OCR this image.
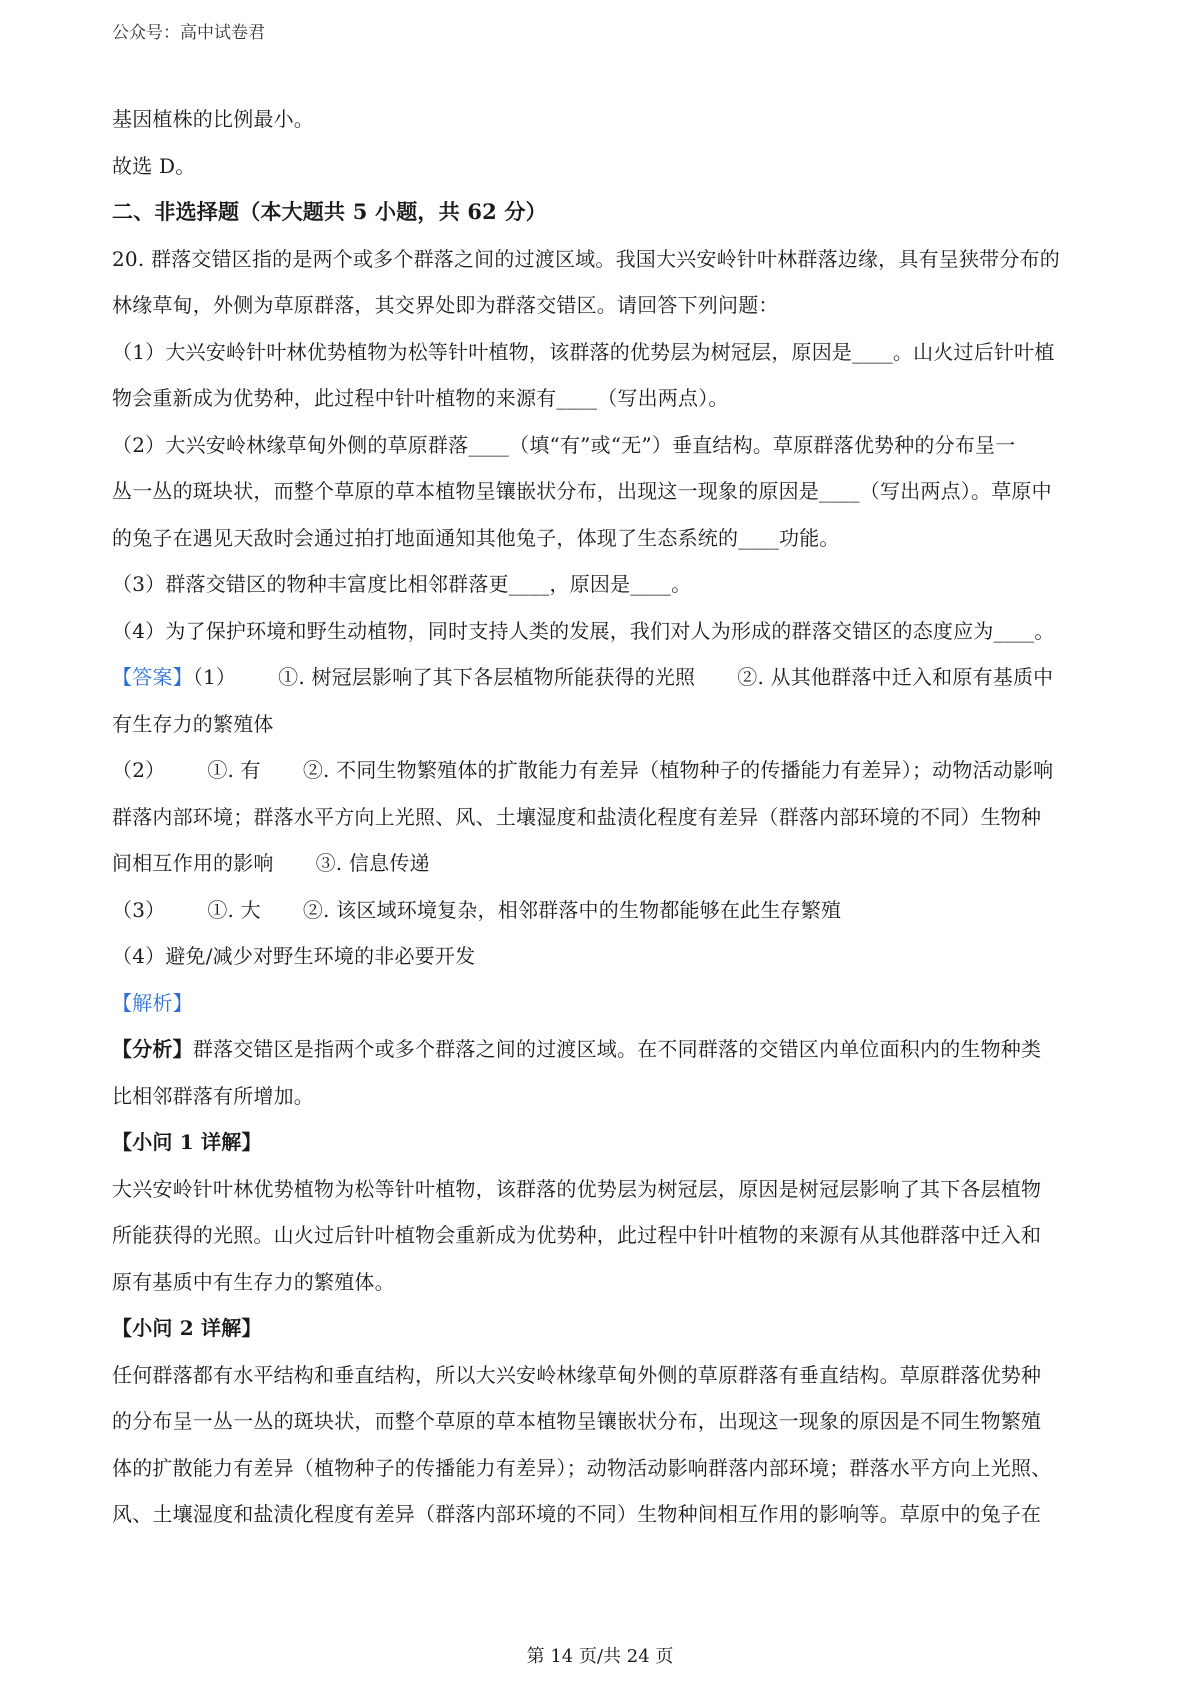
公众号：高中试卷君
基因植株的比例最小。
故选 D。
二、非选择题（本大题共 5 小题，共 62 分）
20. 群落交错区指的是两个或多个群落之间的过渡区域。我国大兴安岭针叶林群落边缘，具有呈狭带分布的
林缘草甸，外侧为草原群落，其交界处即为群落交错区。请回答下列问题：
（1）大兴安岭针叶林优势植物为松等针叶植物，该群落的优势层为树冠层，原因是____。山火过后针叶植
物会重新成为优势种，此过程中针叶植物的来源有____（写出两点）。
（2）大兴安岭林缘草甸外侧的草原群落____（填“有”或“无”）垂直结构。草原群落优势种的分布呈一
丛一丛的斑块状，而整个草原的草本植物呈镶嵌状分布，出现这一现象的原因是____（写出两点）。草原中
的兔子在遇见天敌时会通过拍打地面通知其他兔子，体现了生态系统的____功能。
（3）群落交错区的物种丰富度比相邻群落更____，原因是____。
（4）为了保护环境和野生动植物，同时支持人类的发展，我们对人为形成的群落交错区的态度应为____。
【答案】（1） ①. 树冠层影响了其下各层植物所能获得的光照 ②. 从其他群落中迁入和原有基质中
有生存力的繁殖体
（2） ①. 有 ②. 不同生物繁殖体的扩散能力有差异（植物种子的传播能力有差异）；动物活动影响
群落内部环境；群落水平方向上光照、风、土壤湿度和盐渍化程度有差异（群落内部环境的不同）生物种
间相互作用的影响 ③. 信息传递
（3） ①. 大 ②. 该区域环境复杂，相邻群落中的生物都能够在此生存繁殖
（4）避免/减少对野生环境的非必要开发
【解析】
【分析】群落交错区是指两个或多个群落之间的过渡区域。在不同群落的交错区内单位面积内的生物种类
比相邻群落有所增加。
【小问 1 详解】
大兴安岭针叶林优势植物为松等针叶植物，该群落的优势层为树冠层，原因是树冠层影响了其下各层植物
所能获得的光照。山火过后针叶植物会重新成为优势种，此过程中针叶植物的来源有从其他群落中迁入和
原有基质中有生存力的繁殖体。
【小问 2 详解】
任何群落都有水平结构和垂直结构，所以大兴安岭林缘草甸外侧的草原群落有垂直结构。草原群落优势种
的分布呈一丛一丛的斑块状，而整个草原的草本植物呈镶嵌状分布，出现这一现象的原因是不同生物繁殖
体的扩散能力有差异（植物种子的传播能力有差异）；动物活动影响群落内部环境；群落水平方向上光照、
风、土壤湿度和盐渍化程度有差异（群落内部环境的不同）生物种间相互作用的影响等。草原中的兔子在
第 14 页/共 24 页
